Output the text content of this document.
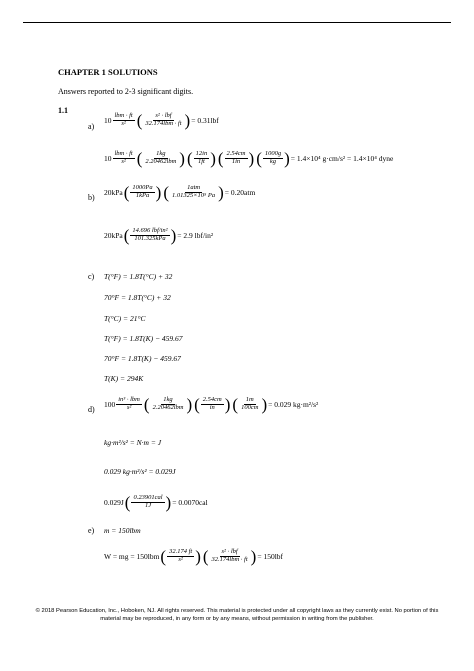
CHAPTER 1 SOLUTIONS
Answers reported to 2-3 significant digits.
1.1
a)
$10 \frac{\text{lbm · ft}}{\text{s²}}$ ( $\frac{\text{s² · lbf}}{\text{32.174lbm · ft}}$
) = 0.31lbf
$10 \frac{\text{lbm · ft}}{\text{s²}}$ ( $\frac{1kg}{\text{2.20462lbm}}$
) ( $\frac{12in}{1ft}$
) ( $\frac{2.54cm}{1in}$
) ( $\frac{1000g}{kg}$
) = 1.4×10⁴ g·cm/s² = 1.4×10⁴ dyne
b)
20kPa ( $\frac{1000Pa}{\text{1kPa}}$
) ( $\frac{\text{1atm}}{\text{1.01325×10⁵ Pa}}$
) = 0.20atm
20kPa ( $\frac{\text{14.696 lbf/in²}}{\text{101.325kPa}}$
) = 2.9 lbf/in²
c) T(°F) = 1.8T(°C) + 32
70°F = 1.8T(°C) + 32
T(°C) = 21°C
T(°F) = 1.8T(K) − 459.67
70°F = 1.8T(K) − 459.67
T(K) = 294K
d)
$100 \frac{\text{in³ · lbm}}{\text{s²}}$ ( $\frac{1kg}{\text{2.20462lbm}}$
) ( $\frac{2.54cm}{in}$
) ( $\frac{1m}{100cm}$
) = 0.029 kg·m²/s²
kg·m²/s² = N·m = J
0.029 kg·m²/s² = 0.029J
0.029J ( $\frac{\text{0.23901cal}}{1J}$
) = 0.0070cal
e) m = 150lbm
W = mg = 150lbm ( $\frac{32.174 ft}{\text{s²}}$
) ( $\frac{\text{s² · lbf}}{\text{32.174lbm · ft}}$
) = 150lbf
© 2018 Pearson Education, Inc., Hoboken, NJ. All rights reserved. This material is protected under all copyright laws as they currently exist. No portion of this material may be reproduced, in any form or by any means, without permission in writing from the publisher.
